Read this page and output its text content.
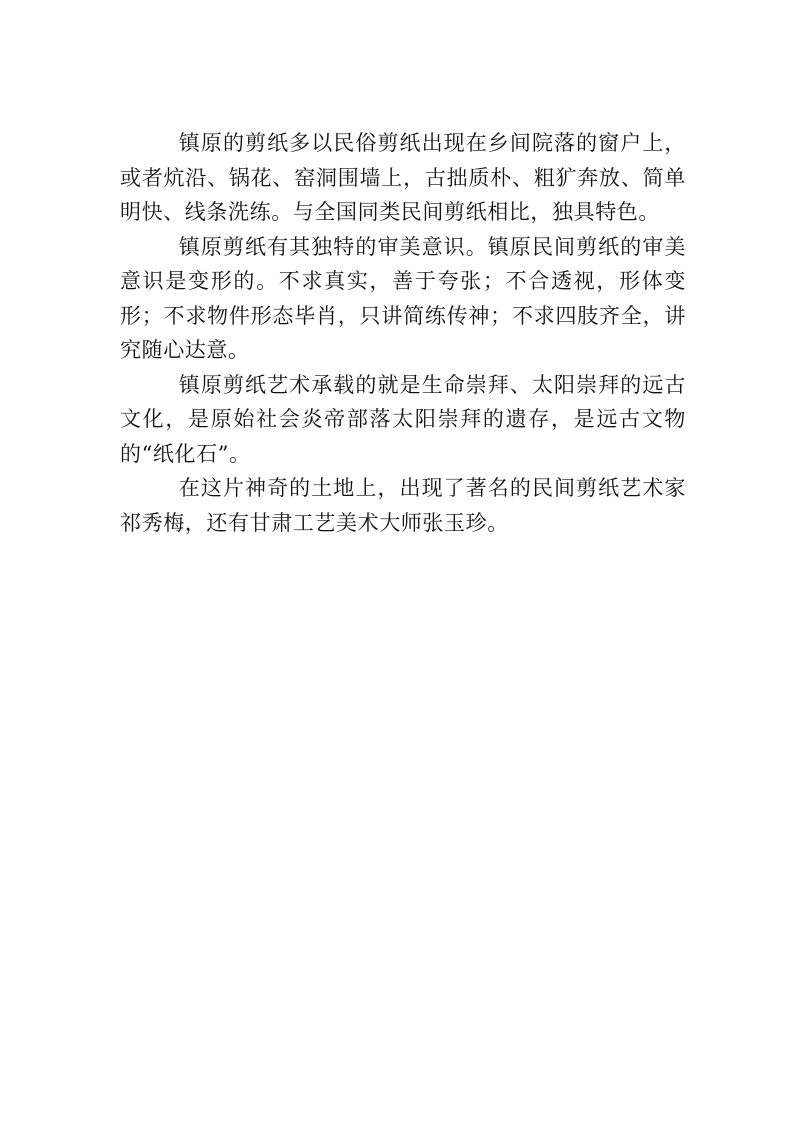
镇原的剪纸多以民俗剪纸出现在乡间院落的窗户上，或者炕沿、锅花、窑洞围墙上，古拙质朴、粗犷奔放、简单明快、线条洗练。与全国同类民间剪纸相比，独具特色。

镇原剪纸有其独特的审美意识。镇原民间剪纸的审美意识是变形的。不求真实，善于夸张；不合透视，形体变形；不求物件形态毕肖，只讲简练传神；不求四肢齐全，讲究随心达意。

镇原剪纸艺术承载的就是生命崇拜、太阳崇拜的远古文化，是原始社会炎帝部落太阳崇拜的遗存，是远古文物的“纸化石”。

在这片神奇的土地上，出现了著名的民间剪纸艺术家祁秀梅，还有甘肃工艺美术大师张玉珍。
